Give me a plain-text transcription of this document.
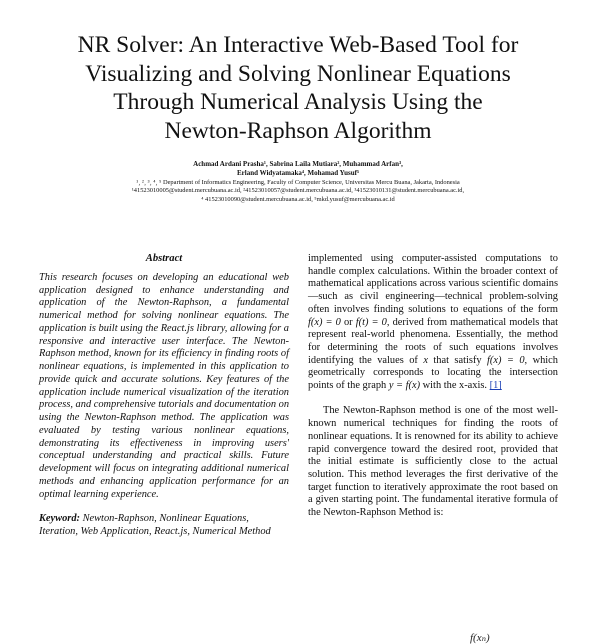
NR Solver: An Interactive Web-Based Tool for
Visualizing and Solving Nonlinear Equations
Through Numerical Analysis Using the
Newton-Raphson Algorithm
Achmad Ardani Prasha¹, Sabrina Laila Mutiara², Muhammad Arfan³,
Erland Widyatamaka⁴, Mohamad Yusuf⁵
¹¸ ²¸ ³¸ ⁴¸ ⁵ Department of Informatics Engineering, Faculty of Computer Science, Universitas Mercu Buana, Jakarta, Indonesia
¹41523010005@student.mercubuana.ac.id, ²41523010057@student.mercubuana.ac.id, ³41523010131@student.mercubuana.ac.id,
⁴ 41523010090@student.mercubuana.ac.id, ⁵mkd.yusuf@mercubuana.ac.id
Abstract

This research focuses on developing an educational web application designed to enhance understanding and application of the Newton-Raphson, a fundamental numerical method for solving nonlinear equations. The application is built using the React.js library, allowing for a responsive and interactive user interface. The Newton-Raphson method, known for its efficiency in finding roots of nonlinear equations, is implemented in this application to provide quick and accurate solutions. Key features of the application include numerical visualization of the iteration process, and comprehensive tutorials and documentation on using the Newton-Raphson method. The application was evaluated by testing various nonlinear equations, demonstrating its effectiveness in improving users' conceptual understanding and practical skills. Future development will focus on integrating additional numerical methods and enhancing application performance for an optimal learning experience.

Keyword: Newton-Raphson, Nonlinear Equations, Iteration, Web Application, React.js, Numerical Method

implemented using computer-assisted computations to handle complex calculations. Within the broader context of mathematical applications across various scientific domains—such as civil engineering—technical problem-solving often involves finding solutions to equations of the form f(x) = 0 or f(t) = 0, derived from mathematical models that represent real-world phenomena. Essentially, the method for determining the roots of such equations involves identifying the values of x that satisfy f(x) = 0, which geometrically corresponds to locating the intersection points of the graph y = f(x) with the x-axis. [1]

The Newton-Raphson method is one of the most well-known numerical techniques for finding the roots of nonlinear equations. It is renowned for its ability to achieve rapid convergence toward the desired root, provided that the initial estimate is sufficiently close to the actual solution. This method leverages the first derivative of the target function to iteratively approximate the root based on a given starting point. The fundamental iterative formula of the Newton-Raphson Method is:

f(xₙ)
